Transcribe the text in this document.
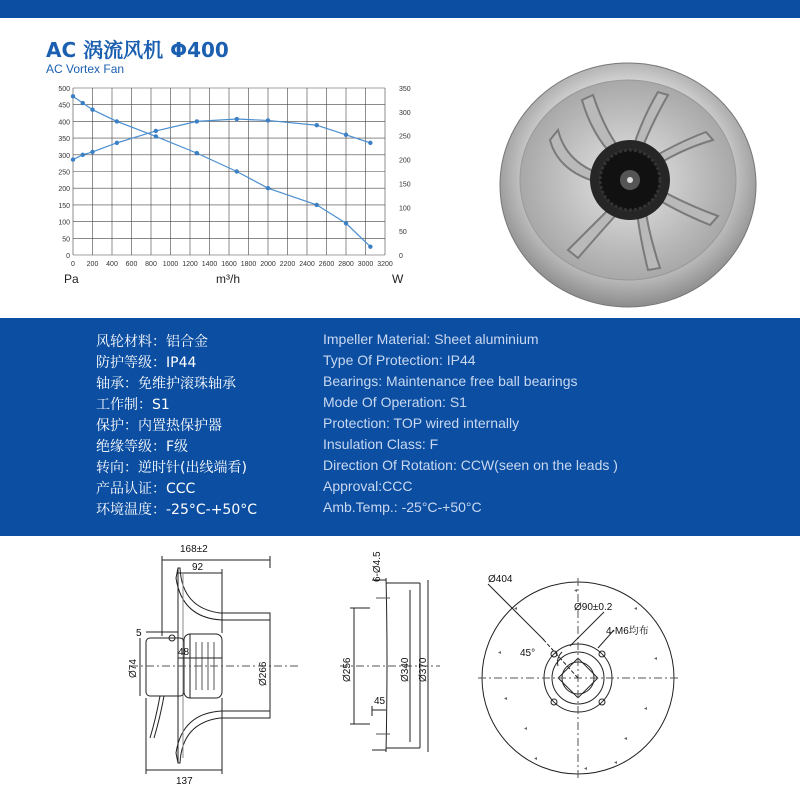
AC 涡流风机 Φ400
AC Vortex Fan
0 200 400 600 800 1000 1200 1400 1600 1800 2000 2200 2400 2600 2800 3000 3200
0
50
100
150
200
250
300
350
400
450
500
0
50
100
150
200
250
300
350
m³/h
Pa	W
风轮材料：铝合金	Impeller Material: Sheet aluminium
防护等级：IP44	Type Of Protection: IP44
轴承：免维护滚珠轴承	Bearings: Maintenance free ball bearings
工作制：S1	Mode Of Operation: S1
保护：内置热保护器	Protection: TOP wired internally
绝缘等级：F级	Insulation Class: F
转向：逆时针(出线端看)	Direction Of Rotation: CCW(seen on the leads )
产品认证：CCC	Approval:CCC
环境温度：-25°C-+50°C	Amb.Temp.: -25°C-+50°C
168±2
92
5
48
Ø74	Ø266
137
6-Ø4.5
Ø256
45
Ø340 Ø370
◂	◂
◂
◂
◂
◂
◂
◂
◂
◂
◂
◂
Ø404
Ø90±0.2
4-M6均布
45°
